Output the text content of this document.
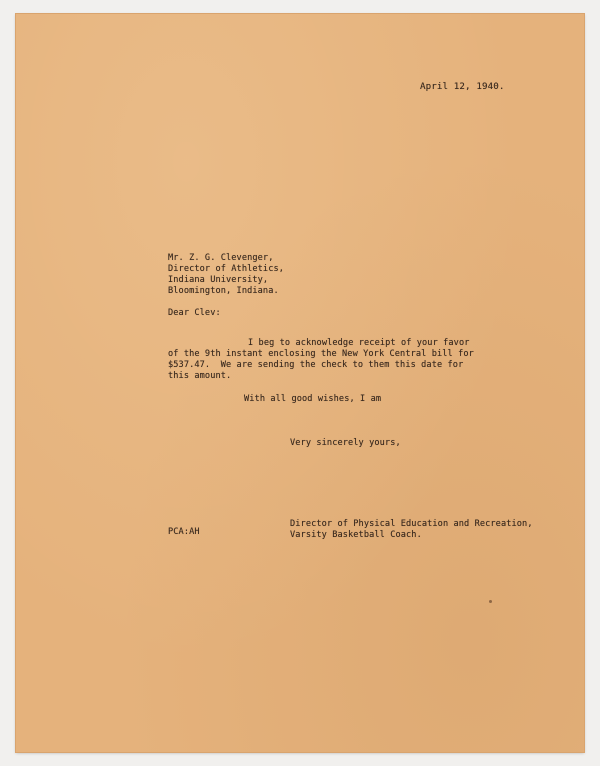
April 12, 1940.
Mr. Z. G. Clevenger,
Director of Athletics,
Indiana University,
Bloomington, Indiana.
Dear Clev:
I beg to acknowledge receipt of your favor
of the 9th instant enclosing the New York Central bill for
$537.47.  We are sending the check to them this date for
this amount.
With all good wishes, I am
Very sincerely yours,
PCA:AH
Director of Physical Education and Recreation,
Varsity Basketball Coach.
